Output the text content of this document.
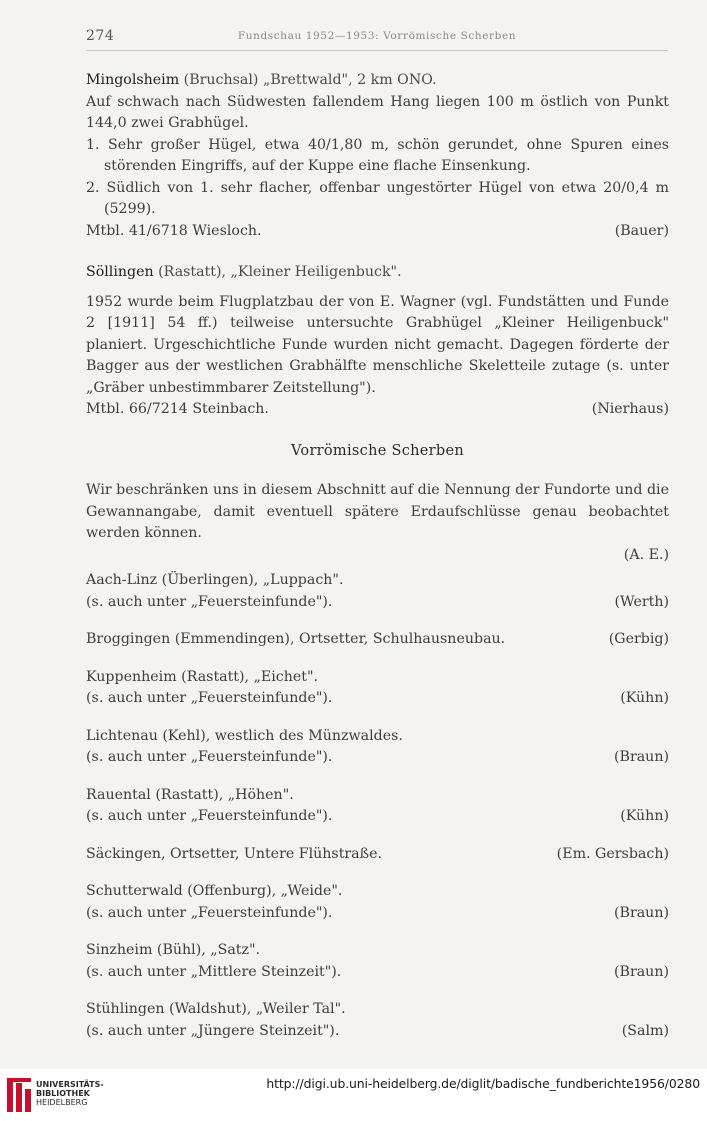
274	Fundschau 1952—1953: Vorrömische Scherben
Mingolsheim (Bruchsal) „Brettwald", 2 km ONO.
Auf schwach nach Südwesten fallendem Hang liegen 100 m östlich von Punkt 144,0 zwei Grabhügel.
1. Sehr großer Hügel, etwa 40/1,80 m, schön gerundet, ohne Spuren eines störenden Eingriffs, auf der Kuppe eine flache Einsenkung.
2. Südlich von 1. sehr flacher, offenbar ungestörter Hügel von etwa 20/0,4 m (5299).
Mtbl. 41/6718 Wiesloch.	(Bauer)
Söllingen (Rastatt), „Kleiner Heiligenbuck".
1952 wurde beim Flugplatzbau der von E. Wagner (vgl. Fundstätten und Funde 2 [1911] 54 ff.) teilweise untersuchte Grabhügel „Kleiner Heiligenbuck" planiert. Urgeschichtliche Funde wurden nicht gemacht. Dagegen förderte der Bagger aus der westlichen Grabhälfte menschliche Skeletteile zutage (s. unter „Gräber unbestimmbarer Zeitstellung").
Mtbl. 66/7214 Steinbach.	(Nierhaus)
Vorrömische Scherben
Wir beschränken uns in diesem Abschnitt auf die Nennung der Fundorte und die Gewannangabe, damit eventuell spätere Erdaufschlüsse genau beobachtet werden können.
(A. E.)
Aach-Linz (Überlingen), „Luppach".
(s. auch unter „Feuersteinfunde").	(Werth)
Broggingen (Emmendingen), Ortsetter, Schulhausneubau.	(Gerbig)
Kuppenheim (Rastatt), „Eichet".
(s. auch unter „Feuersteinfunde").	(Kühn)
Lichtenau (Kehl), westlich des Münzwaldes.
(s. auch unter „Feuersteinfunde").	(Braun)
Rauental (Rastatt), „Höhen".
(s. auch unter „Feuersteinfunde").	(Kühn)
Säckingen, Ortsetter, Untere Flühstraße.	(Em. Gersbach)
Schutterwald (Offenburg), „Weide".
(s. auch unter „Feuersteinfunde").	(Braun)
Sinzheim (Bühl), „Satz".
(s. auch unter „Mittlere Steinzeit").	(Braun)
Stühlingen (Waldshut), „Weiler Tal".
(s. auch unter „Jüngere Steinzeit").	(Salm)
UNIVERSITÄTS-
BIBLIOTHEK
HEIDELBERG
http://digi.ub.uni-heidelberg.de/diglit/badische_fundberichte1956/0280
